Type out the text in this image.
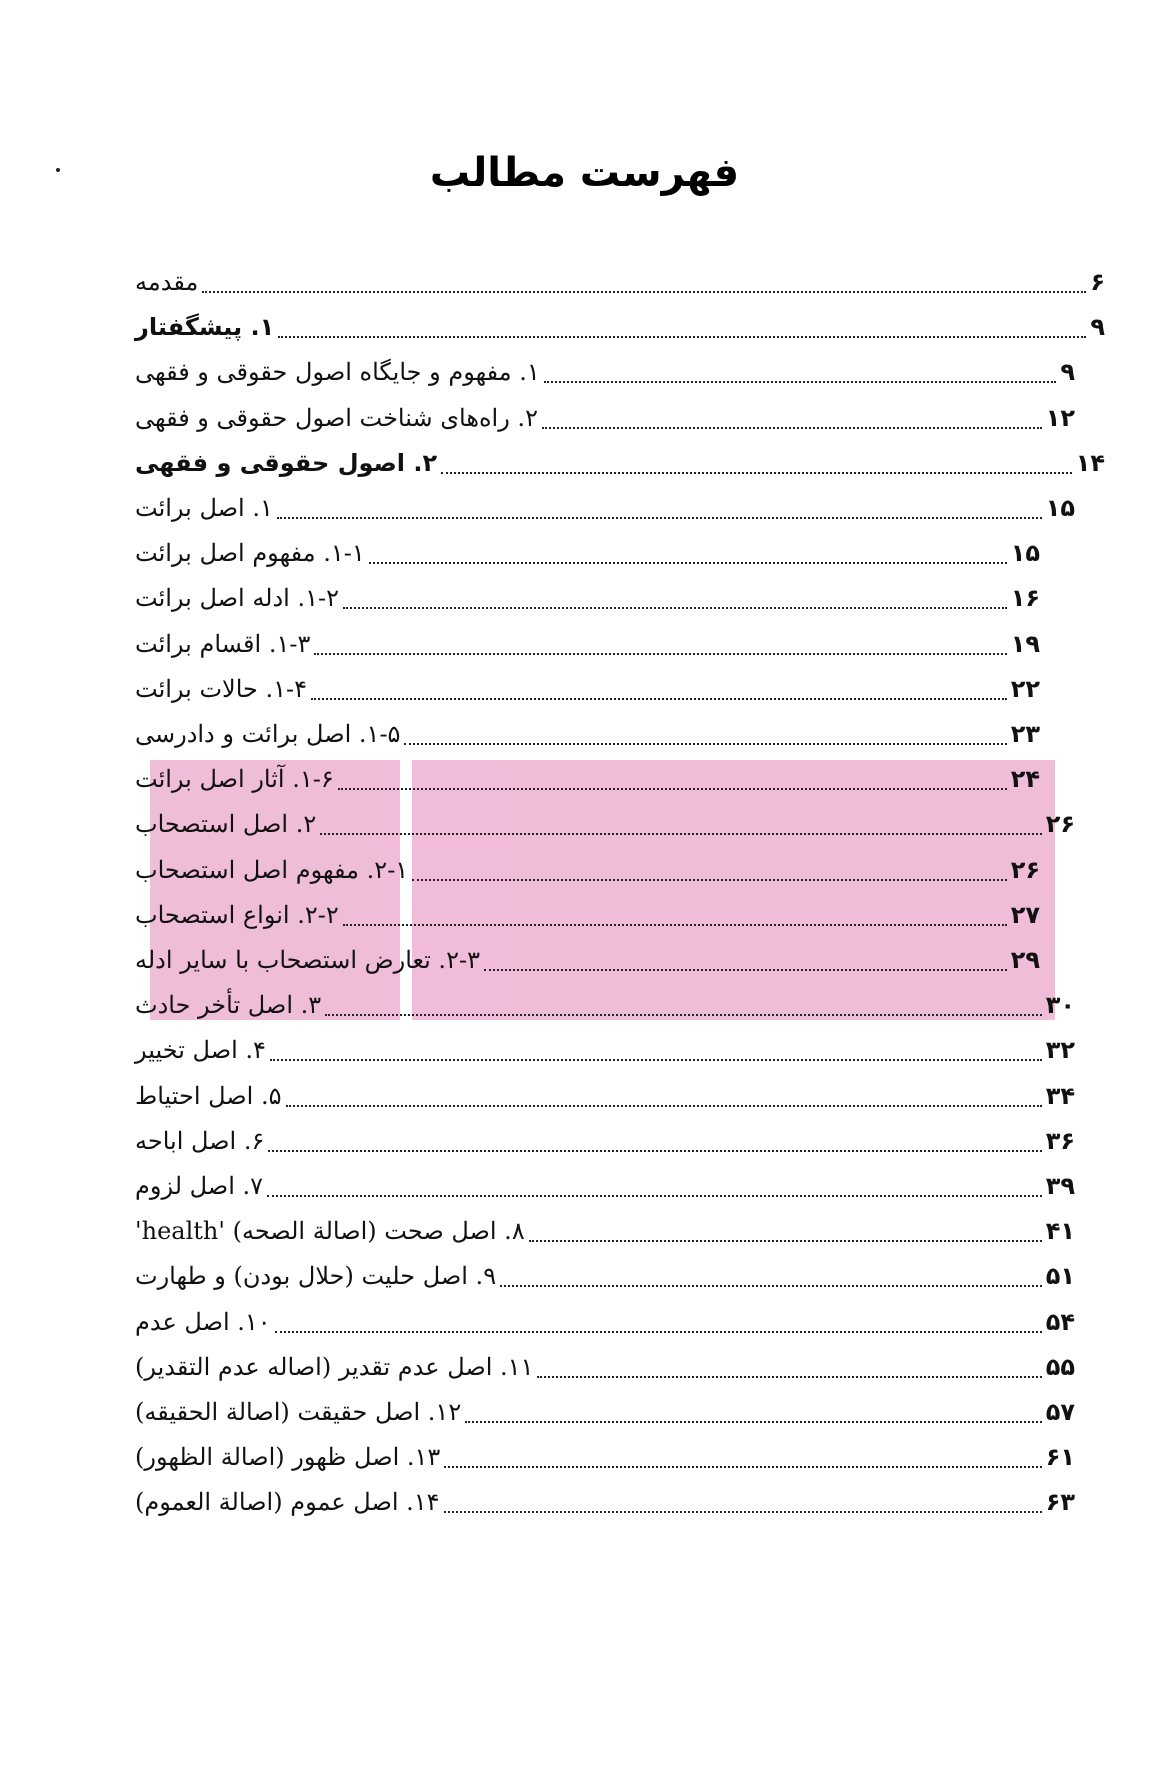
فهرست مطالب
مقدمه	۶
۱. پیشگفتار	۹
۱. مفهوم و جایگاه اصول حقوقی و فقهی	۹
۲. راه‌های شناخت اصول حقوقی و فقهی	۱۲
۲. اصول حقوقی و فقهی	۱۴
۱. اصل برائت	۱۵
۱-۱. مفهوم اصل برائت	۱۵
۱-۲. ادله اصل برائت	۱۶
۱-۳. اقسام برائت	۱۹
۱-۴. حالات برائت	۲۲
۱-۵. اصل برائت و دادرسی	۲۳
۱-۶. آثار اصل برائت	۲۴
۲. اصل استصحاب	۲۶
۲-۱. مفهوم اصل استصحاب	۲۶
۲-۲. انواع استصحاب	۲۷
۲-۳. تعارض استصحاب با سایر ادله	۲۹
۳. اصل تأخر حادث	۳۰
۴. اصل تخییر	۳۲
۵. اصل احتیاط	۳۴
۶. اصل اباحه	۳۶
۷. اصل لزوم	۳۹
۸. اصل صحت (اصالة الصحه) 'health'	۴۱
۹. اصل حلیت (حلال بودن) و طهارت	۵۱
۱۰. اصل عدم	۵۴
۱۱. اصل عدم تقدیر (اصاله عدم التقدیر)	۵۵
۱۲. اصل حقیقت (اصالة الحقیقه)	۵۷
۱۳. اصل ظهور (اصالة الظهور)	۶۱
۱۴. اصل عموم (اصالة العموم)	۶۳
